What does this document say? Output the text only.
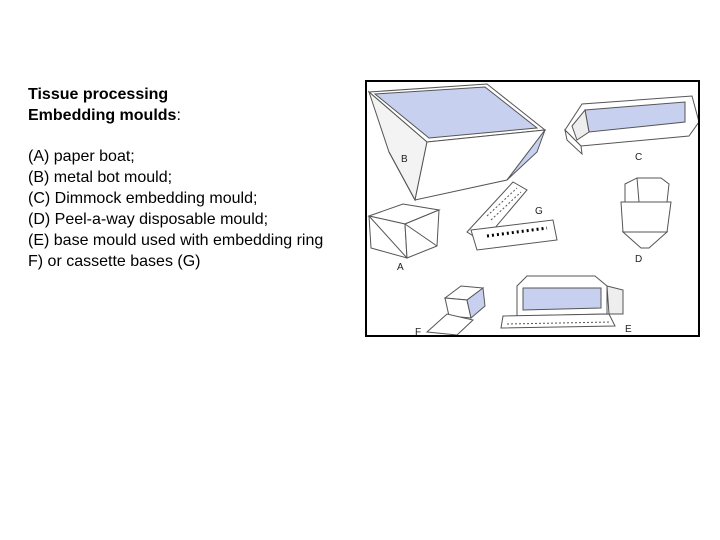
Tissue processing
Embedding moulds:
(A) paper boat;
(B) metal bot mould;
(C) Dimmock embedding mould;
(D) Peel-a-way disposable mould;
(E) base mould used with embedding ring
F) or cassette bases (G)
B	C
G
A
D
F	E
